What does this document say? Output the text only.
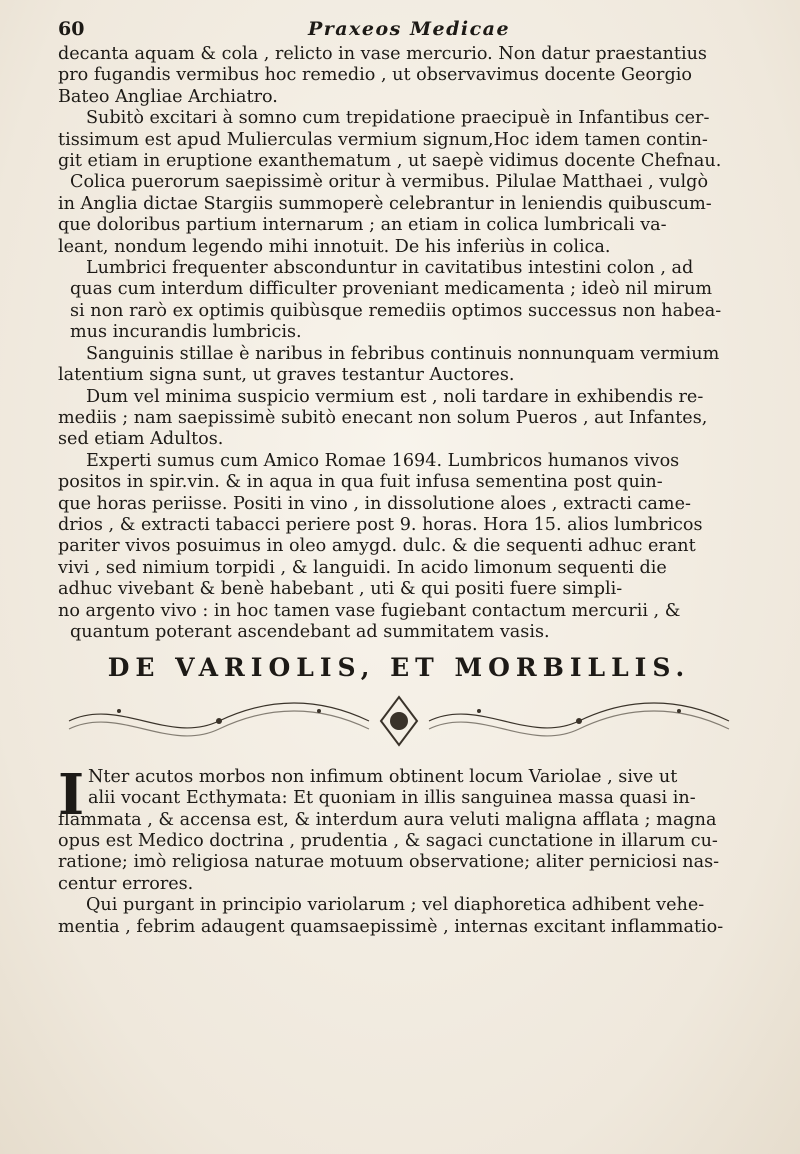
60	Praxeos Medicae
decanta aquam & cola , relicto in vase mercurio. Non datur praestantius
pro fugandis vermibus hoc remedio , ut observavimus docente Georgio
Bateo Angliae Archiatro.
Subitò excitari à somno cum trepidatione praecipuè in Infantibus cer-
tissimum est apud Mulierculas vermium signum,Hoc idem tamen contin-
git etiam in eruptione exanthematum , ut saepè vidimus docente Chefnau.
Colica puerorum saepissimè oritur à vermibus. Pilulae Matthaei , vulgò
in Anglia dictae Stargiis summoperè celebrantur in leniendis quibuscum-
que doloribus partium internarum ; an etiam in colica lumbricali va-
leant, nondum legendo mihi innotuit. De his inferiùs in colica.
Lumbrici frequenter absconduntur in cavitatibus intestini colon , ad
quas cum interdum difficulter proveniant medicamenta ; ideò nil mirum
si non rarò ex optimis quibùsque remediis optimos successus non habea-
mus incurandis lumbricis.
Sanguinis stillae è naribus in febribus continuis nonnunquam vermium
latentium signa sunt, ut graves testantur Auctores.
Dum vel minima suspicio vermium est , noli tardare in exhibendis re-
mediis ; nam saepissimè subitò enecant non solum Pueros , aut Infantes,
sed etiam Adultos.
Experti sumus cum Amico Romae 1694. Lumbricos humanos vivos
positos in spir.vin. & in aqua in qua fuit infusa sementina post quin-
que horas periisse. Positi in vino , in dissolutione aloes , extracti came-
drios , & extracti tabacci periere post 9. horas. Hora 15. alios lumbricos
pariter vivos posuimus in oleo amygd. dulc. & die sequenti adhuc erant
vivi , sed nimium torpidi , & languidi. In acido limonum sequenti die
adhuc vivebant & benè habebant , uti & qui positi fuere simpli-
no argento vivo : in hoc tamen vase fugiebant contactum mercurii , &
quantum poterant ascendebant ad summitatem vasis.
DE VARIOLIS, ET MORBILLIS.
I Nter acutos morbos non infimum obtinent locum Variolae , sive ut
alii vocant Ecthymata: Et quoniam in illis sanguinea massa quasi in-
flammata , & accensa est, & interdum aura veluti maligna afflata ; magna
opus est Medico doctrina , prudentia , & sagaci cunctatione in illarum cu-
ratione; imò religiosa naturae motuum observatione; aliter perniciosi nas-
centur errores.
Qui purgant in principio variolarum ; vel diaphoretica adhibent vehe-
mentia , febrim adaugent quamsaepissimè , internas excitant inflammatio-
